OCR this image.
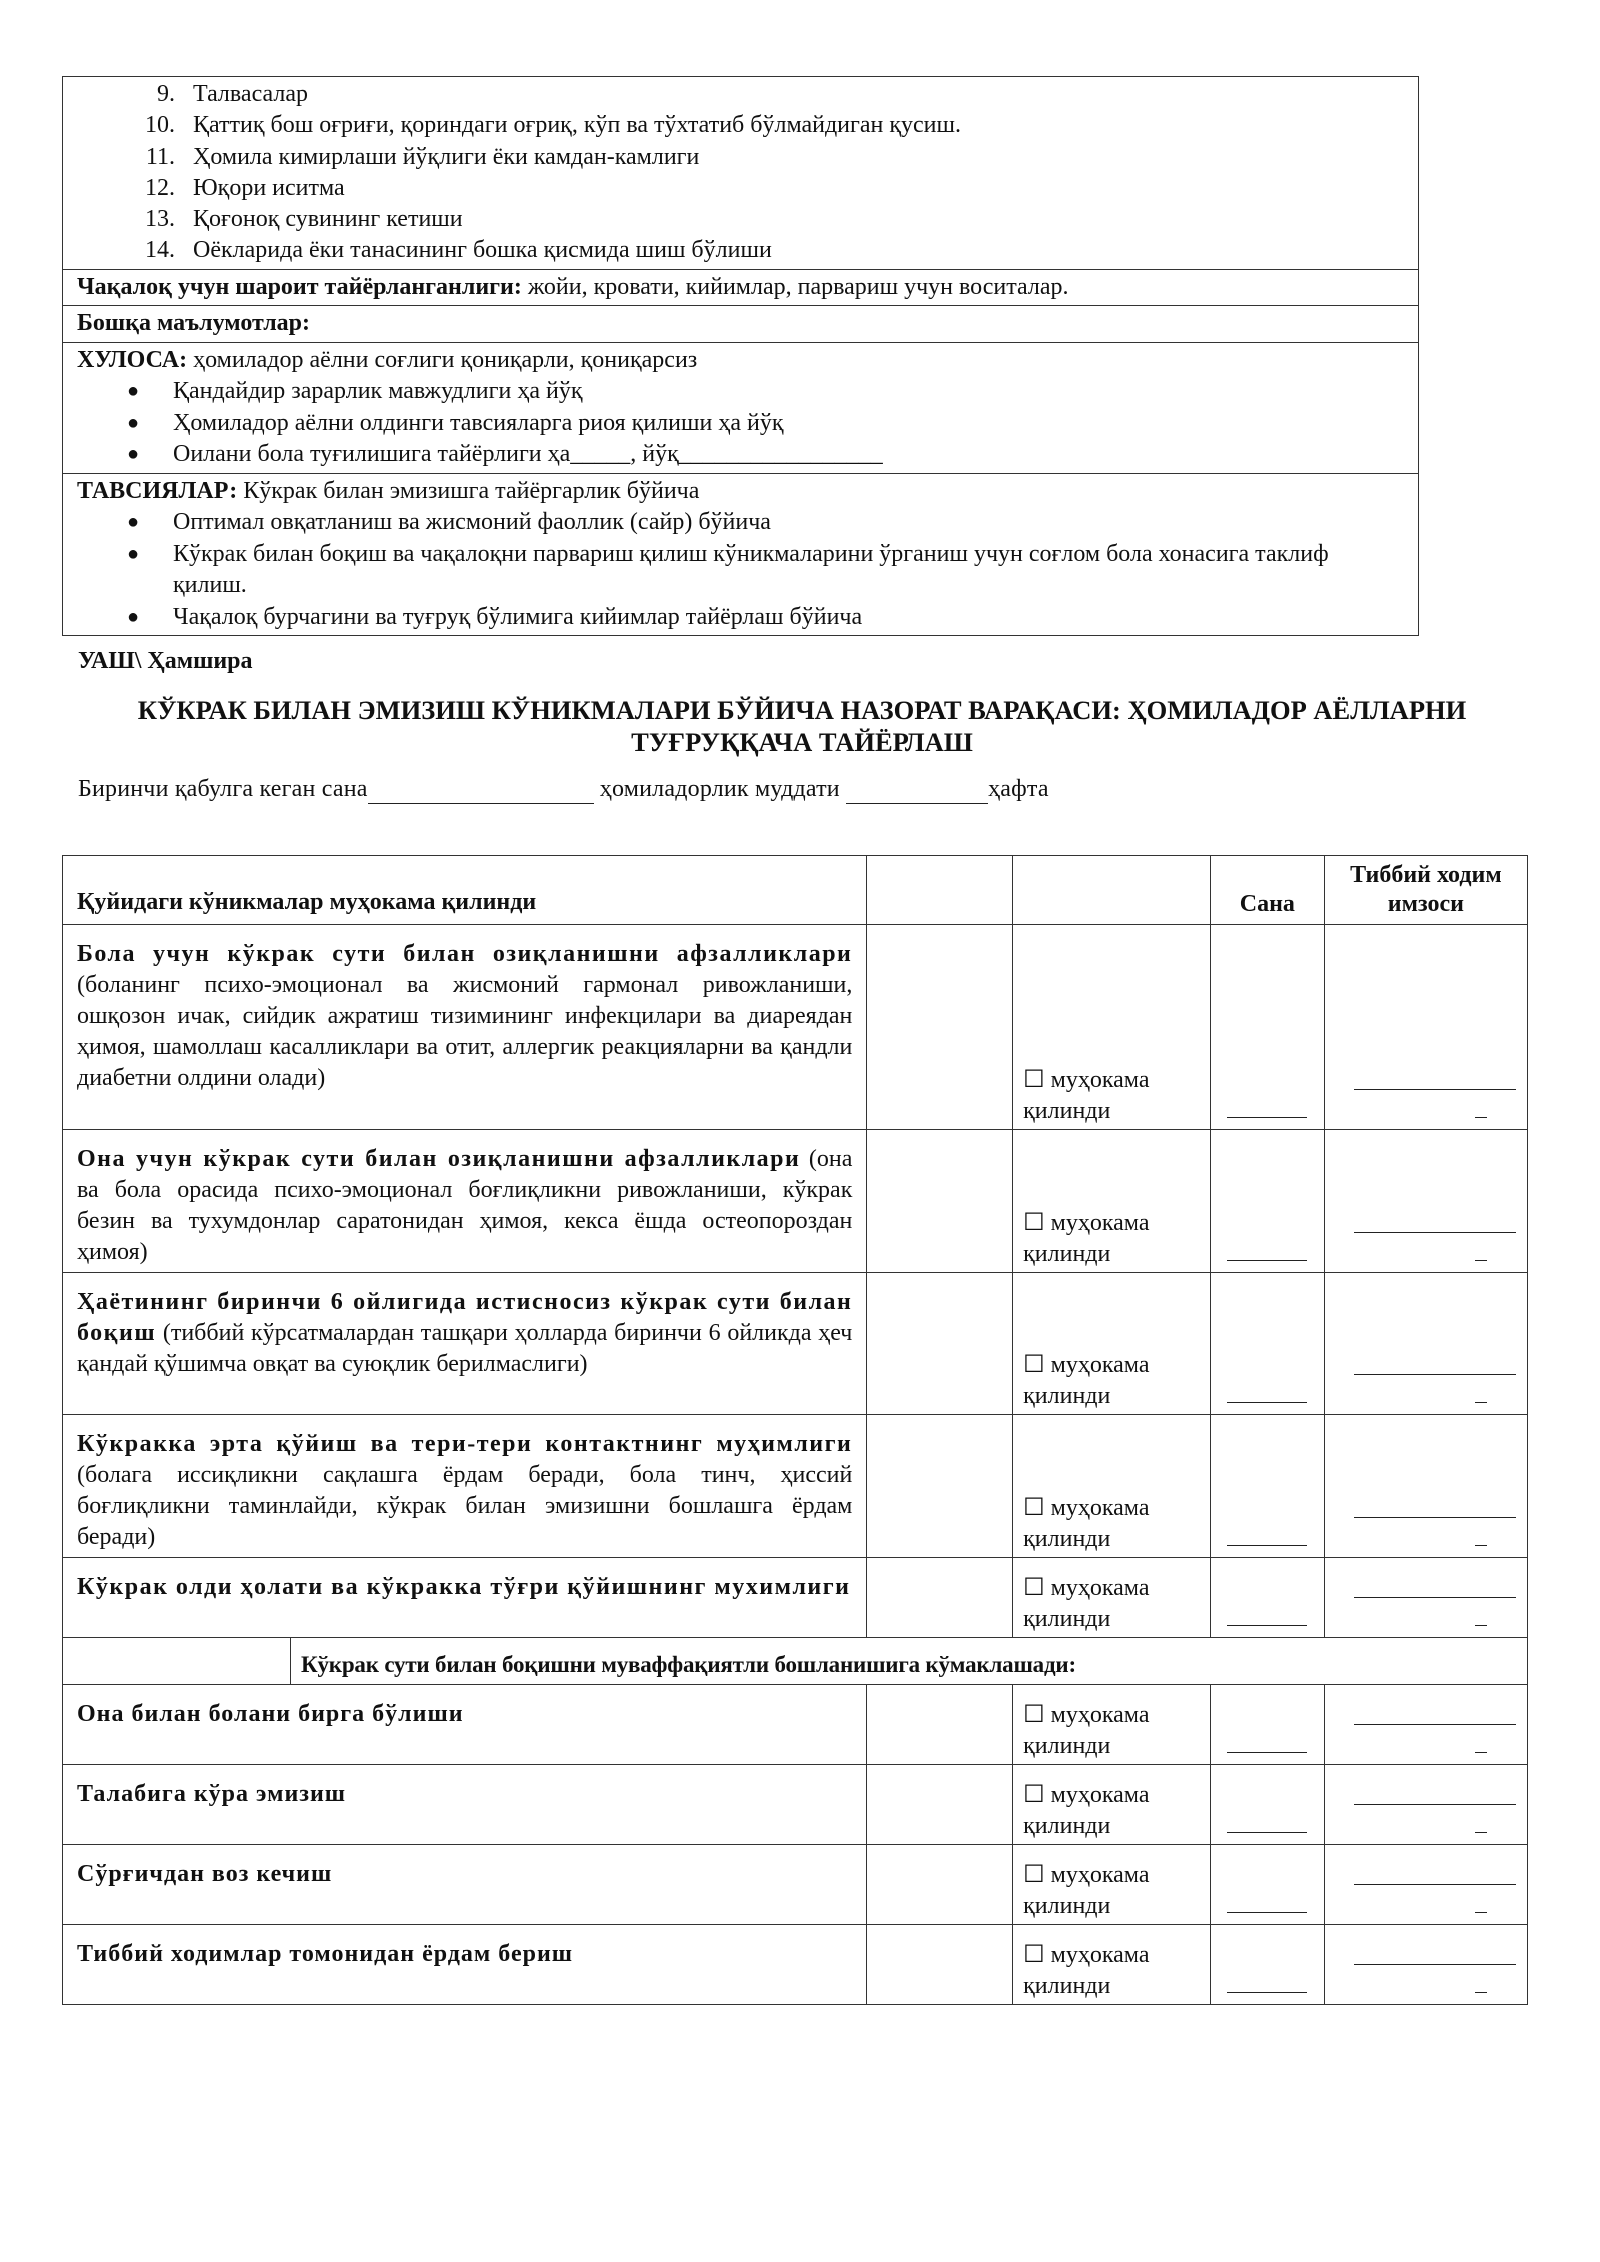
9. Талвасалар
10. Қаттиқ бош оғриғи, қориндаги оғриқ, кўп ва тўхтатиб бўлмайдиган қусиш.
11. Ҳомила кимирлаши йўқлиги ёки камдан-камлиги
12. Юқори иситма
13. Қоғоноқ сувининг кетиши
14. Оёкларида ёки танасининг бошка қисмида шиш бўлиши
Чақалоқ учун шароит тайёрланганлиги: жойи, кровати, кийимлар, парвариш учун воситалар.
Бошқа маълумотлар:
ХУЛОСА: ҳомиладор аёлни соғлиги қониқарли, қониқарсиз
●	Қандайдир зарарлик мавжудлиги ҳа йўқ
●	Ҳомиладор аёлни олдинги тавсияларга риоя қилиши ҳа йўқ
●	Оилани бола туғилишига тайёрлиги ҳа_____, йўқ_________________
ТАВСИЯЛАР: Кўкрак билан эмизишга тайёргарлик бўйича
●	Оптимал овқатланиш ва жисмоний фаоллик (сайр) бўйича
●	Кўкрак билан боқиш ва чақалоқни парвариш қилиш кўникмаларини ўрганиш учун соғлом бола хонасига таклиф қилиш.
●	Чақалоқ бурчагини ва туғруқ бўлимига кийимлар тайёрлаш бўйича
УАШ\ Ҳамшира
КЎКРАК БИЛАН ЭМИЗИШ КЎНИКМАЛАРИ БЎЙИЧА НАЗОРАТ ВАРАҚАСИ: ҲОМИЛАДОР АЁЛЛАРНИ ТУҒРУҚҚАЧА ТАЙЁРЛАШ
Биринчи қабулга кеган сана	ҳомиладорлик муддати	ҳафта
Қуйидаги кўникмалар муҳокама қилинди			Сана	Тиббий ходим имзоси
Бола учун кўкрак сути билан озиқланишни афзалликлари (боланинг психо-эмоционал ва жисмоний гармонал ривожланиши, ошқозон ичак, сийдик ажратиш тизимининг инфекцилари ва диареядан ҳимоя, шамоллаш касалликлари ва отит, аллергик реакцияларни ва қандли диабетни олдини олади)		☐ муҳокама қилинди		

Она учун кўкрак сути билан озиқланишни афзалликлари (она ва бола орасида психо-эмоционал боғлиқликни ривожланиши, кўкрак безин ва тухумдонлар саратонидан ҳимоя, кекса ёшда остеопороздан ҳимоя)		☐ муҳокама қилинди		

Ҳаётининг биринчи 6 ойлигида истисносиз кўкрак сути билан боқиш (тиббий кўрсатмалардан ташқари ҳолларда биринчи 6 ойликда ҳеч қандай қўшимча овқат ва суюқлик берилмаслиги)		☐ муҳокама қилинди		

Кўкракка эрта қўйиш ва тери-тери контактнинг муҳимлиги (болага иссиқликни сақлашга ёрдам беради, бола тинч, ҳиссий боғлиқликни таминлайди, кўкрак билан эмизишни бошлашга ёрдам беради)		☐ муҳокама қилинди		

Кўкрак олди ҳолати ва кўкракка тўғри қўйишнинг мухимлиги		☐ муҳокама қилинди		

Кўкрак сути билан боқишни муваффақиятли бошланишига кўмаклашади:				

Она билан болани бирга бўлиши		☐ муҳокама қилинди		

Талабига кўра эмизиш		☐ муҳокама қилинди		

Сўрғичдан воз кечиш		☐ муҳокама қилинди		

Тиббий ходимлар томонидан ёрдам бериш		☐ муҳокама қилинди		
